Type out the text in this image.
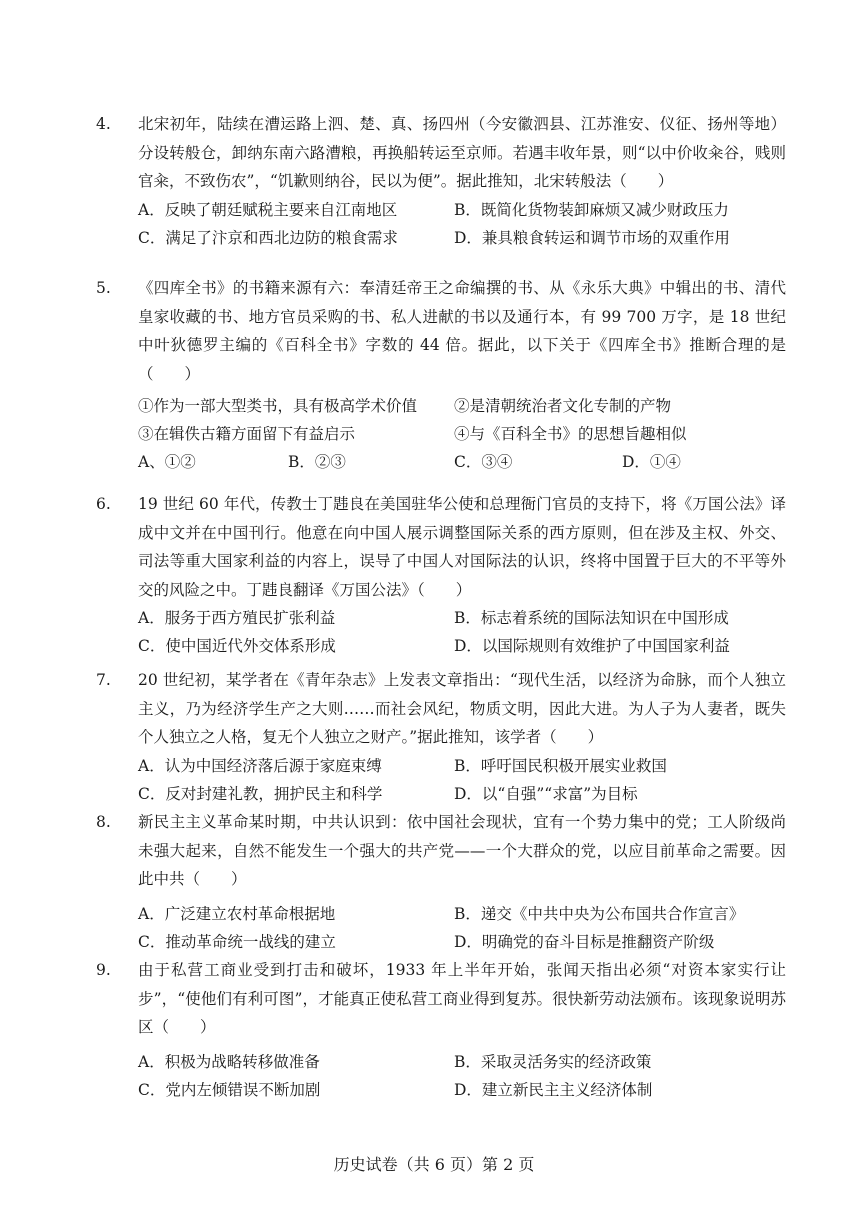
4. 北宋初年，陆续在漕运路上泗、楚、真、扬四州（今安徽泗县、江苏淮安、仪征、扬州等地）分设转般仓，卸纳东南六路漕粮，再换船转运至京师。若遇丰收年景，则“以中价收籴谷，贱则官籴，不致伤农”，“饥歉则纳谷，民以为便”。据此推知，北宋转般法（　　）
A．反映了朝廷赋税主要来自江南地区	B．既简化货物装卸麻烦又减少财政压力
C．满足了汴京和西北边防的粮食需求	D．兼具粮食转运和调节市场的双重作用
5. 《四库全书》的书籍来源有六：奉清廷帝王之命编撰的书、从《永乐大典》中辑出的书、清代皇家收藏的书、地方官员采购的书、私人进献的书以及通行本，有 99 700 万字，是 18 世纪中叶狄德罗主编的《百科全书》字数的 44 倍。据此，以下关于《四库全书》推断合理的是（　　）
①作为一部大型类书，具有极高学术价值 ②是清朝统治者文化专制的产物
③在辑佚古籍方面留下有益启示	④与《百科全书》的思想旨趣相似
A、①②	B．②③	C．③④	D．①④
6. 19 世纪 60 年代，传教士丁韪良在美国驻华公使和总理衙门官员的支持下，将《万国公法》译成中文并在中国刊行。他意在向中国人展示调整国际关系的西方原则，但在涉及主权、外交、司法等重大国家利益的内容上，误导了中国人对国际法的认识，终将中国置于巨大的不平等外交的风险之中。丁韪良翻译《万国公法》（　　）
A．服务于西方殖民扩张利益	B．标志着系统的国际法知识在中国形成
C．使中国近代外交体系形成	D．以国际规则有效维护了中国国家利益
7. 20 世纪初，某学者在《青年杂志》上发表文章指出：“现代生活，以经济为命脉，而个人独立主义，乃为经济学生产之大则……而社会风纪，物质文明，因此大进。为人子为人妻者，既失个人独立之人格，复无个人独立之财产。”据此推知，该学者（　　）
A．认为中国经济落后源于家庭束缚	B．呼吁国民积极开展实业救国
C．反对封建礼教，拥护民主和科学	D．以“自强”“求富”为目标
8. 新民主主义革命某时期，中共认识到：依中国社会现状，宜有一个势力集中的党；工人阶级尚未强大起来，自然不能发生一个强大的共产党——一个大群众的党，以应目前革命之需要。因此中共（　　）
A．广泛建立农村革命根据地	B．递交《中共中央为公布国共合作宣言》
C．推动革命统一战线的建立	D．明确党的奋斗目标是推翻资产阶级
9. 由于私营工商业受到打击和破坏，1933 年上半年开始，张闻天指出必须“对资本家实行让步”，“使他们有利可图”，才能真正使私营工商业得到复苏。很快新劳动法颁布。该现象说明苏区（　　）
A．积极为战略转移做准备	B．采取灵活务实的经济政策
C．党内左倾错误不断加剧	D．建立新民主主义经济体制
历史试卷（共 6 页）第 2 页
